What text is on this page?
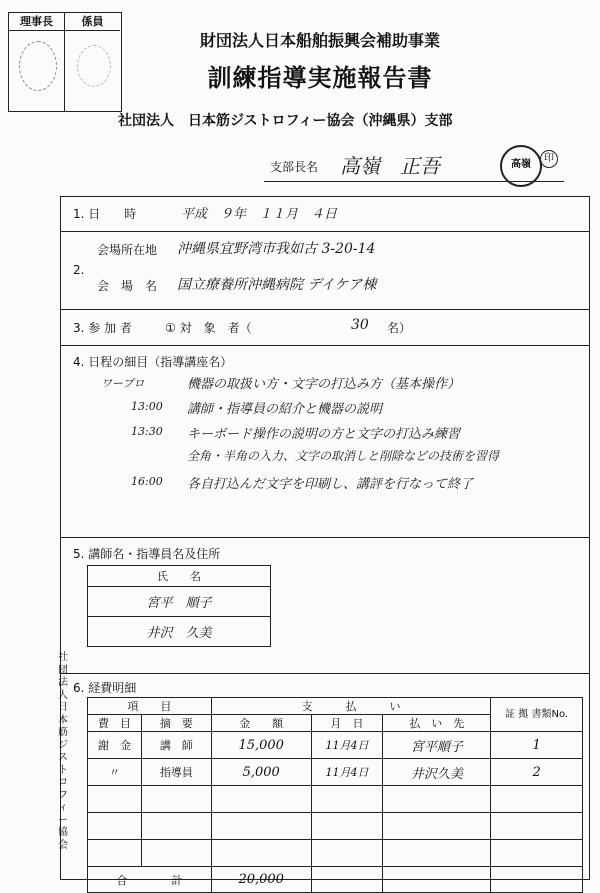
理事長	係員
財団法人日本船舶振興会補助事業
訓練指導実施報告書
社団法人　日本筋ジストロフィー協会（沖縄県）支部
支部長名 高嶺　正吾	高嶺
印
1. 日　　時	平成　９年　１１月　４日
2.
会場所在地 沖縄県宜野湾市我如古 3-20-14
会　場　名 国立療養所沖縄病院 デイケア棟
3. 参 加 者	① 対　象　者（	30 名）
4. 日程の細目（指導講座名）
ワープロ	機器の取扱い方・文字の打込み方（基本操作）
13:00 講師・指導員の紹介と機器の説明
13:30 キーボード操作の説明の方と文字の打込み練習
全角・半角の入力、文字の取消しと削除などの技術を習得
16:00 各自打込んだ文字を印刷し、講評を行なって終了
5. 講師名・指導員名及住所
氏　　名
宮平　順子
井沢　久美
6. 経費明細
項　　目		支　　　払　　　い			証 拠 書類No.
費　目	摘　要	金　　額	月　日	払　い　先	
謝　金	講　師	15,000	11月4日	宮平順子	1
〃	指導員	5,000	11月4日	井沢久美	2

合　　　　計		20,000			
社団法人日本筋ジストロフィー協会
